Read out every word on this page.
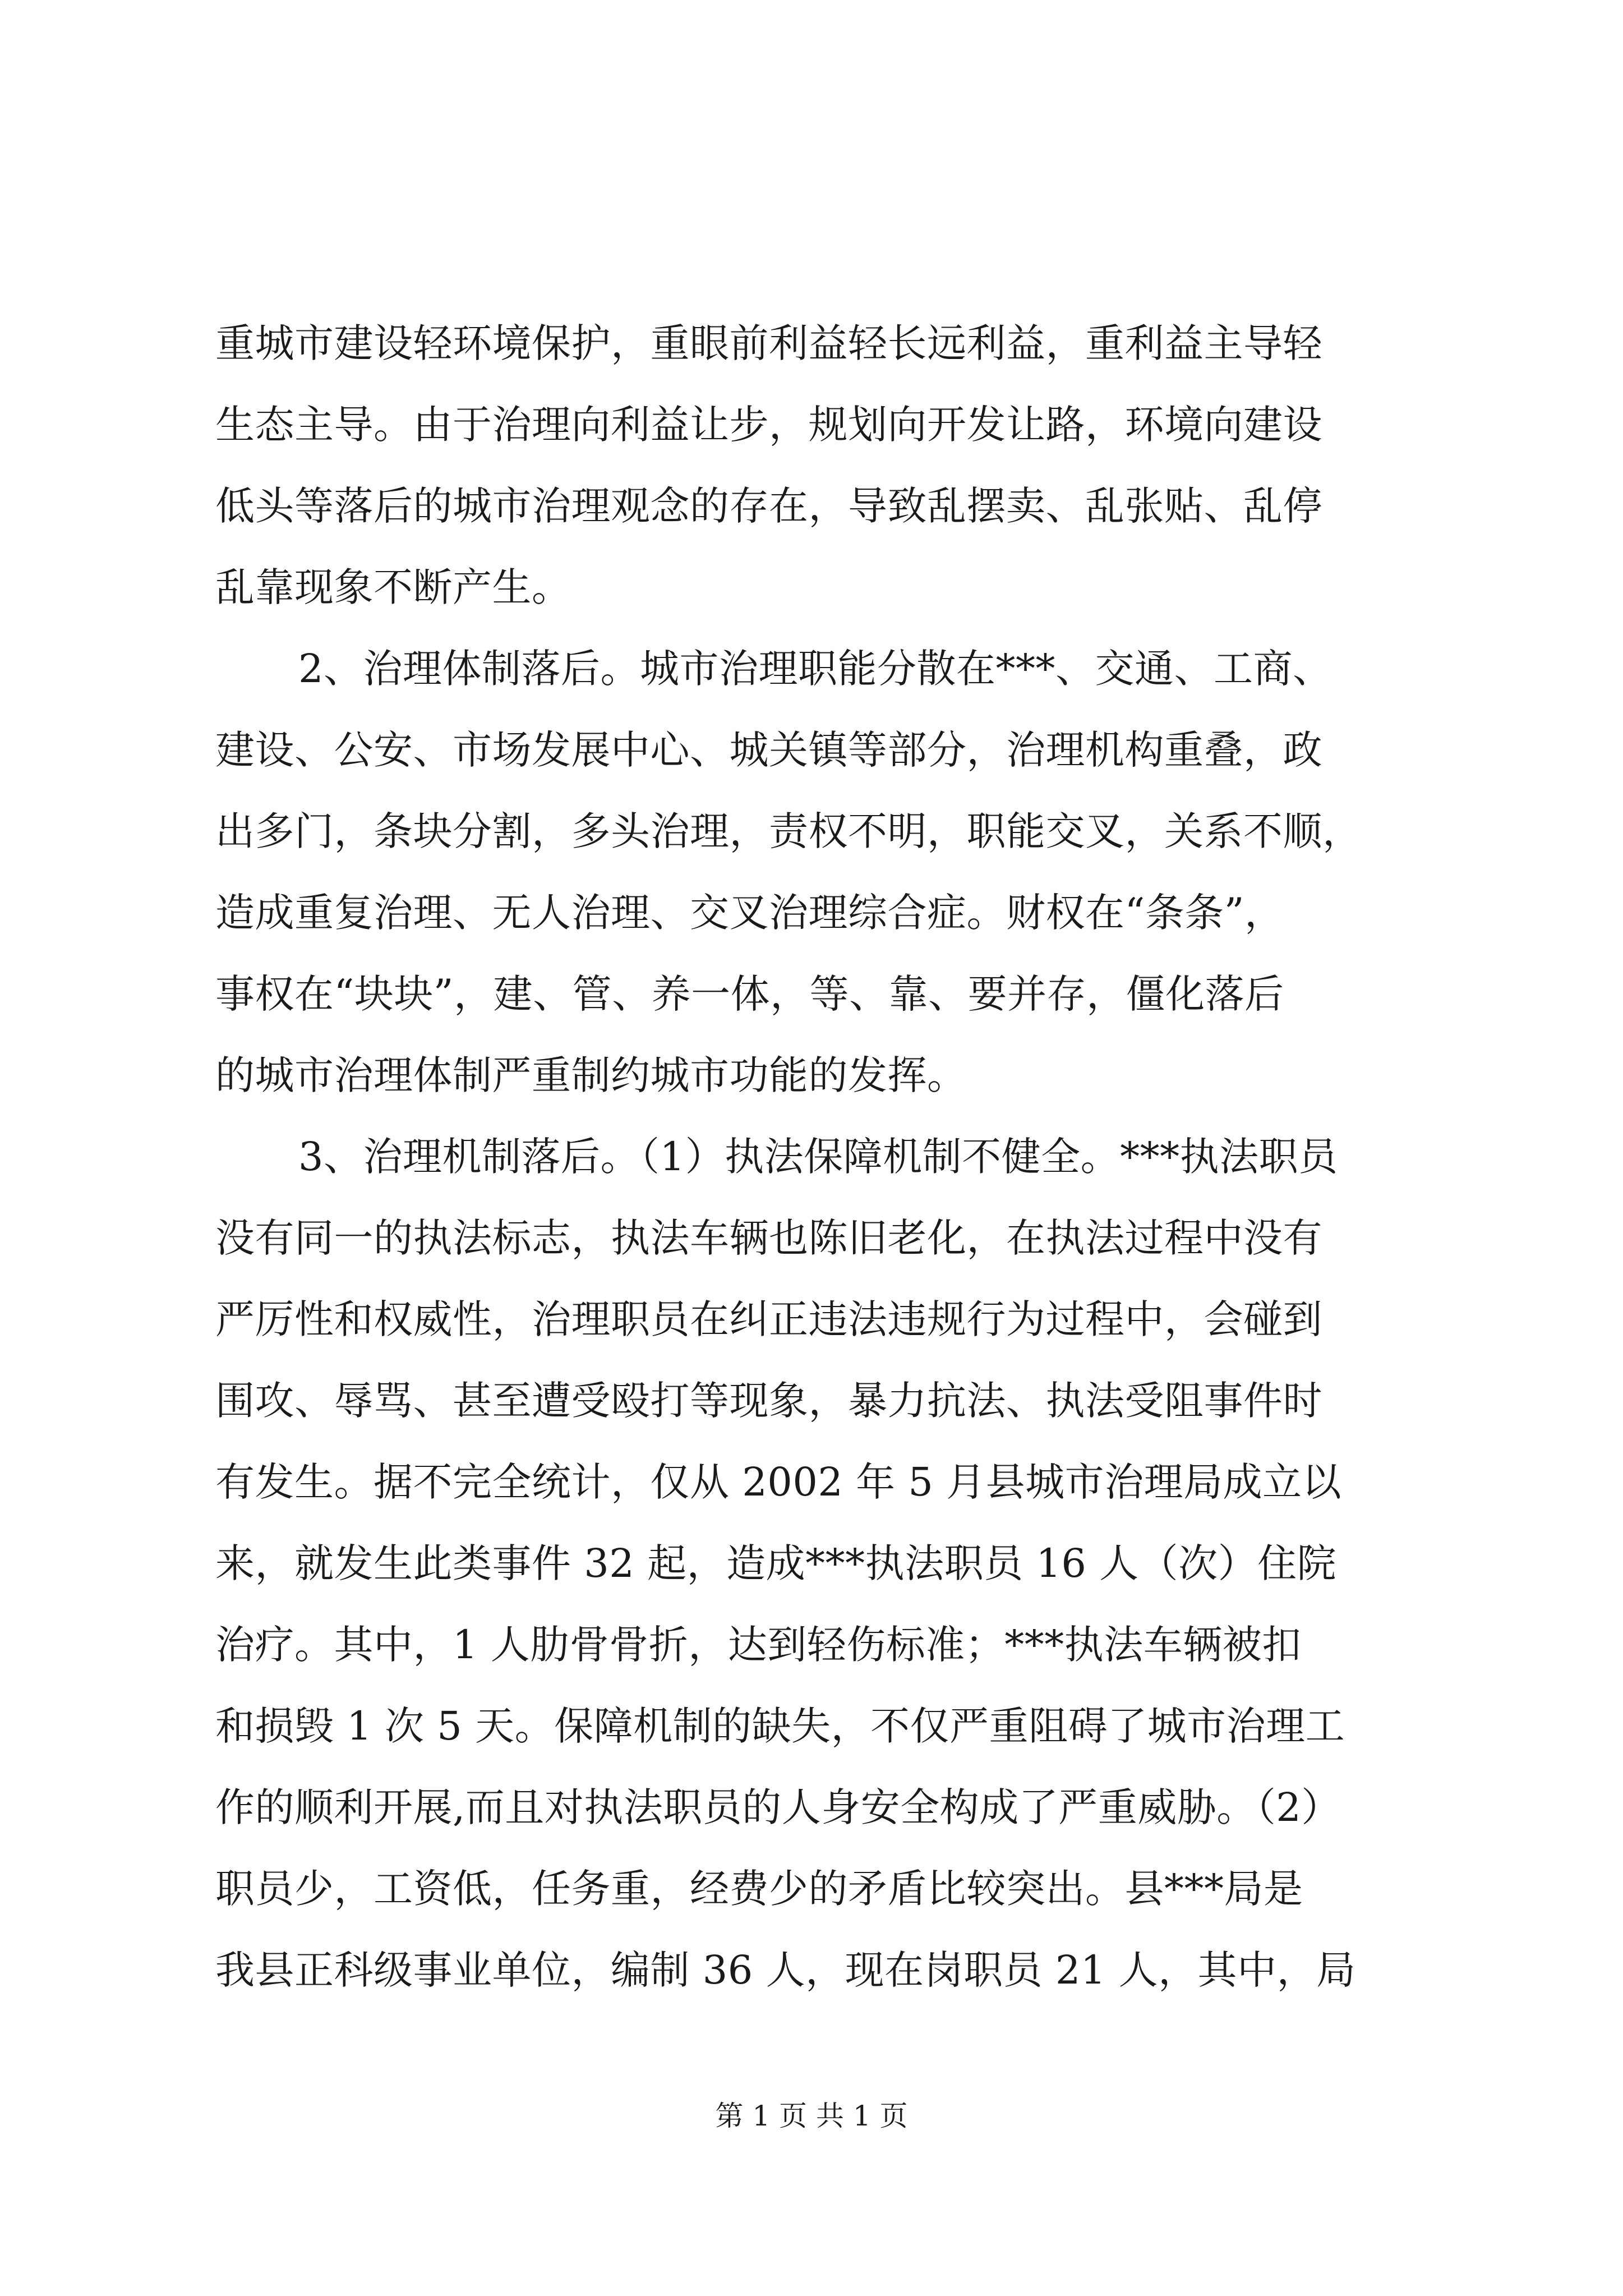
重城市建设轻环境保护，重眼前利益轻长远利益，重利益主导轻
生态主导。由于治理向利益让步，规划向开发让路，环境向建设
低头等落后的城市治理观念的存在，导致乱摆卖、乱张贴、乱停
乱靠现象不断产生。

2、治理体制落后。城市治理职能分散在***、交通、工商、
建设、公安、市场发展中心、城关镇等部分，治理机构重叠，政
出多门，条块分割，多头治理，责权不明，职能交叉，关系不顺，
造成重复治理、无人治理、交叉治理综合症。财权在“条条”，
事权在“块块”，建、管、养一体，等、靠、要并存，僵化落后
的城市治理体制严重制约城市功能的发挥。

3、治理机制落后。（1）执法保障机制不健全。***执法职员
没有同一的执法标志，执法车辆也陈旧老化，在执法过程中没有
严厉性和权威性，治理职员在纠正违法违规行为过程中，会碰到
围攻、辱骂、甚至遭受殴打等现象，暴力抗法、执法受阻事件时
有发生。据不完全统计，仅从 2002 年 5 月县城市治理局成立以
来，就发生此类事件 32 起，造成***执法职员 16 人（次）住院
治疗。其中，1 人肋骨骨折，达到轻伤标准；***执法车辆被扣
和损毁 1 次 5 天。保障机制的缺失，不仅严重阻碍了城市治理工
作的顺利开展,而且对执法职员的人身安全构成了严重威胁。（2）
职员少，工资低，任务重，经费少的矛盾比较突出。县***局是
我县正科级事业单位，编制 36 人，现在岗职员 21 人，其中，局

第 1 页 共 1 页
